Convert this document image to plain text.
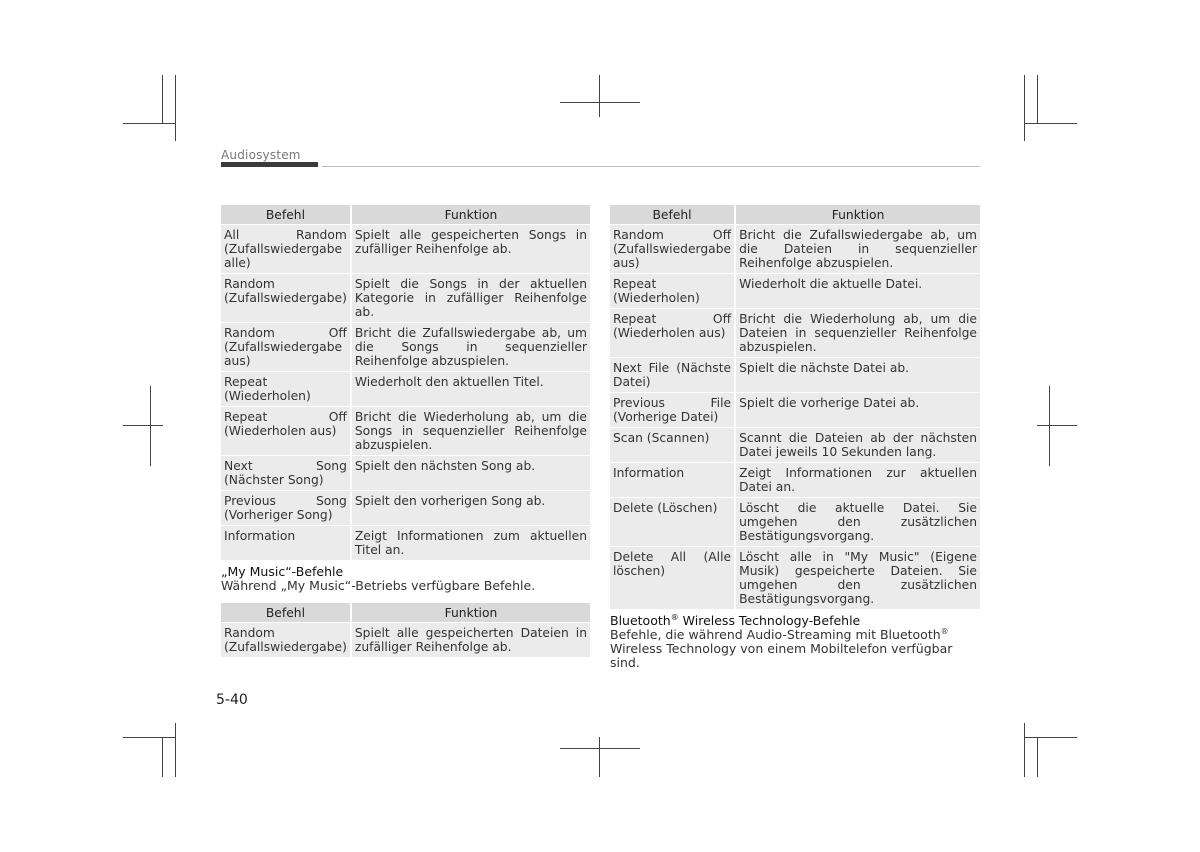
Audiosystem
Befehl		Funktion
All Random (Zufallswiedergabe alle)		Spielt alle gespeicherten Songs in zufälliger Reihenfolge ab.
Random (Zufallswiedergabe)		Spielt die Songs in der aktuellen Kategorie in zufälliger Reihenfolge ab.
Random Off (Zufallswiedergabe aus)		Bricht die Zufallswiedergabe ab, um die Songs in sequenzieller Reihenfolge abzuspielen.
Repeat (Wiederholen)		Wiederholt den aktuellen Titel.
Repeat Off (Wiederholen aus)		Bricht die Wiederholung ab, um die Songs in sequenzieller Reihenfolge abzuspielen.
Next Song (Nächster Song)		Spielt den nächsten Song ab.
Previous Song (Vorheriger Song)		Spielt den vorherigen Song ab.
Information		Zeigt Informationen zum aktuellen Titel an.
„My Music“-Befehle
Während „My Music“-Betriebs verfügbare Befehle.
Befehl		Funktion
Random (Zufallswiedergabe)		Spielt alle gespeicherten Dateien in zufälliger Reihenfolge ab.
Befehl		Funktion
Random Off (Zufallswiedergabe aus)		Bricht die Zufallswiedergabe ab, um die Dateien in sequenzieller Reihenfolge abzuspielen.
Repeat (Wiederholen)		Wiederholt die aktuelle Datei.
Repeat Off (Wiederholen aus)		Bricht die Wiederholung ab, um die Dateien in sequenzieller Reihenfolge abzuspielen.
Next File (Nächste Datei)		Spielt die nächste Datei ab.
Previous File (Vorherige Datei)		Spielt die vorherige Datei ab.
Scan (Scannen)		Scannt die Dateien ab der nächsten Datei jeweils 10 Sekunden lang.
Information		Zeigt Informationen zur aktuellen Datei an.
Delete (Löschen)		Löscht die aktuelle Datei. Sie umgehen den zusätzlichen Bestätigungsvorgang.
Delete All (Alle löschen)		Löscht alle in "My Music" (Eigene Musik) gespeicherte Dateien. Sie umgehen den zusätzlichen Bestätigungsvorgang.
Bluetooth® Wireless Technology-Befehle
Befehle, die während Audio-Streaming mit Bluetooth® Wireless Technology von einem Mobiltelefon verfügbar sind.
5-40
